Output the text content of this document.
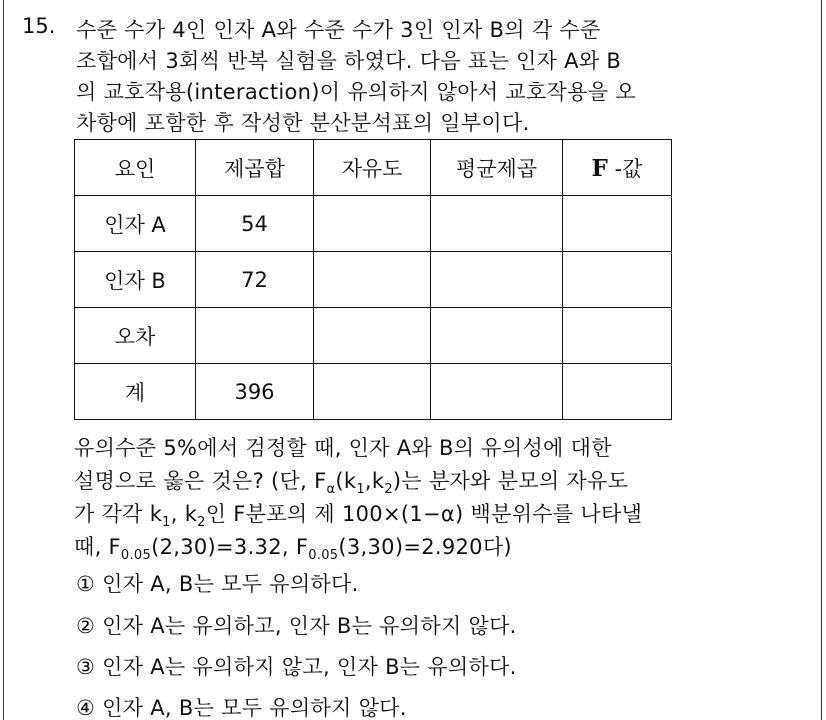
15. 수준 수가 4인 인자 A와 수준 수가 3인 인자 B의 각 수준
조합에서 3회씩 반복 실험을 하였다. 다음 표는 인자 A와 B
의 교호작용(interaction)이 유의하지 않아서 교호작용을 오
차항에 포함한 후 작성한 분산분석표의 일부이다.
요인	제곱합	자유도	평균제곱	F -값
인자 A	54			
인자 B	72			
오차				
계	396			
유의수준 5%에서 검정할 때, 인자 A와 B의 유의성에 대한
설명으로 옳은 것은? (단, $F_\alpha(k_1,k_2)$는 분자와 분모의 자유도
가 각각 $k_1$, $k_2$인 F분포의 제 100×(1−α) 백분위수를 나타낼
때, $F_{0.05}(2,30)=3.32$, $F_{0.05}(3,30)=2.920$다)
① 인자 A, B는 모두 유의하다.
② 인자 A는 유의하고, 인자 B는 유의하지 않다.
③ 인자 A는 유의하지 않고, 인자 B는 유의하다.
④ 인자 A, B는 모두 유의하지 않다.
